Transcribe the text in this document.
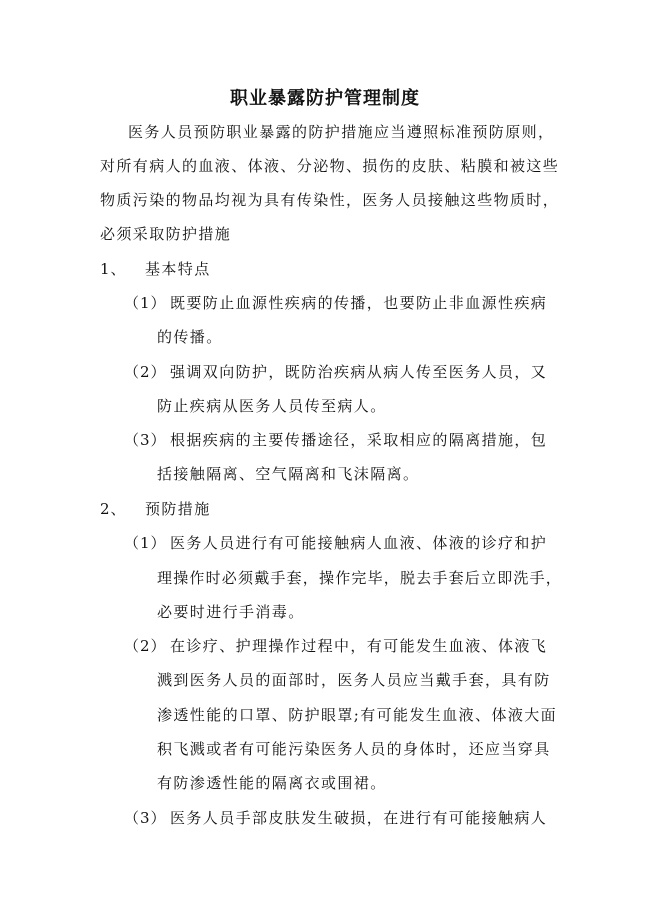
职业暴露防护管理制度
医务人员预防职业暴露的防护措施应当遵照标准预防原则，
对所有病人的血液、体液、分泌物、损伤的皮肤、粘膜和被这些
物质污染的物品均视为具有传染性，医务人员接触这些物质时，
必须采取防护措施
1、 基本特点
（1） 既要防止血源性疾病的传播，也要防止非血源性疾病
的传播。
（2） 强调双向防护，既防治疾病从病人传至医务人员，又
防止疾病从医务人员传至病人。
（3） 根据疾病的主要传播途径，采取相应的隔离措施，包
括接触隔离、空气隔离和飞沫隔离。
2、 预防措施
（1） 医务人员进行有可能接触病人血液、体液的诊疗和护
理操作时必须戴手套，操作完毕，脱去手套后立即洗手，
必要时进行手消毒。
（2） 在诊疗、护理操作过程中，有可能发生血液、体液飞
溅到医务人员的面部时，医务人员应当戴手套，具有防
渗透性能的口罩、防护眼罩;有可能发生血液、体液大面
积飞溅或者有可能污染医务人员的身体时，还应当穿具
有防渗透性能的隔离衣或围裙。
（3） 医务人员手部皮肤发生破损，在进行有可能接触病人
